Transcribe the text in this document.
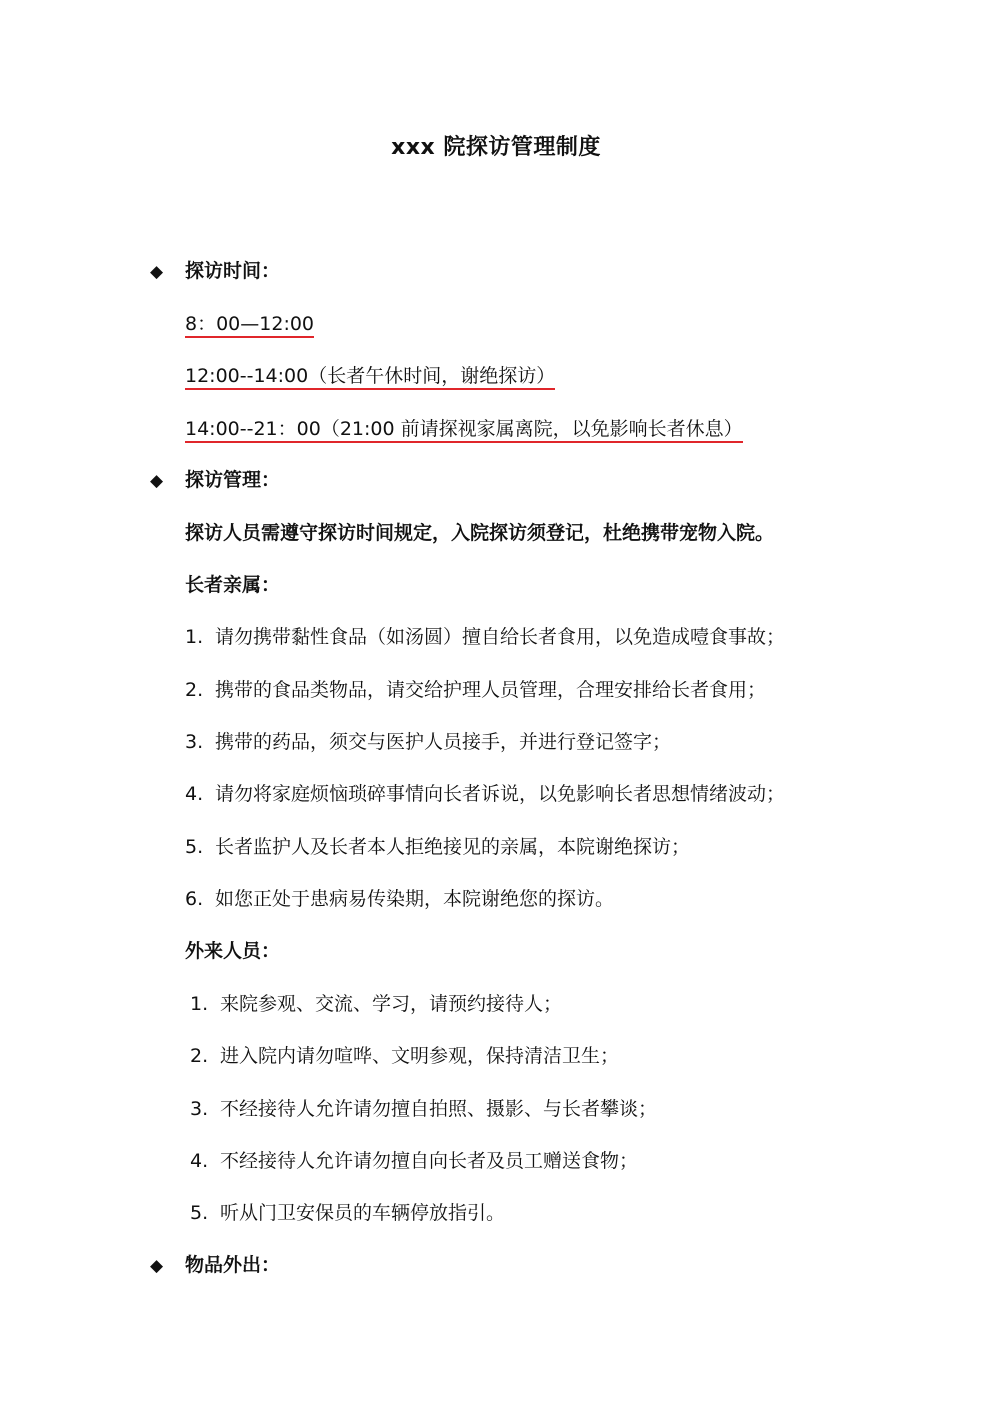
xxx 院探访管理制度
◆ 探访时间：
8：00—12:00
12:00--14:00（长者午休时间，谢绝探访）
14:00--21：00（21:00 前请探视家属离院，以免影响长者休息）
◆ 探访管理：
探访人员需遵守探访时间规定，入院探访须登记，杜绝携带宠物入院。
长者亲属：
1. 请勿携带黏性食品（如汤圆）擅自给长者食用，以免造成噎食事故；
2. 携带的食品类物品，请交给护理人员管理，合理安排给长者食用；
3. 携带的药品，须交与医护人员接手，并进行登记签字；
4. 请勿将家庭烦恼琐碎事情向长者诉说，以免影响长者思想情绪波动；
5. 长者监护人及长者本人拒绝接见的亲属，本院谢绝探访；
6. 如您正处于患病易传染期，本院谢绝您的探访。
外来人员：
1. 来院参观、交流、学习，请预约接待人；
2. 进入院内请勿喧哗、文明参观，保持清洁卫生；
3. 不经接待人允许请勿擅自拍照、摄影、与长者攀谈；
4. 不经接待人允许请勿擅自向长者及员工赠送食物；
5. 听从门卫安保员的车辆停放指引。
◆ 物品外出：
